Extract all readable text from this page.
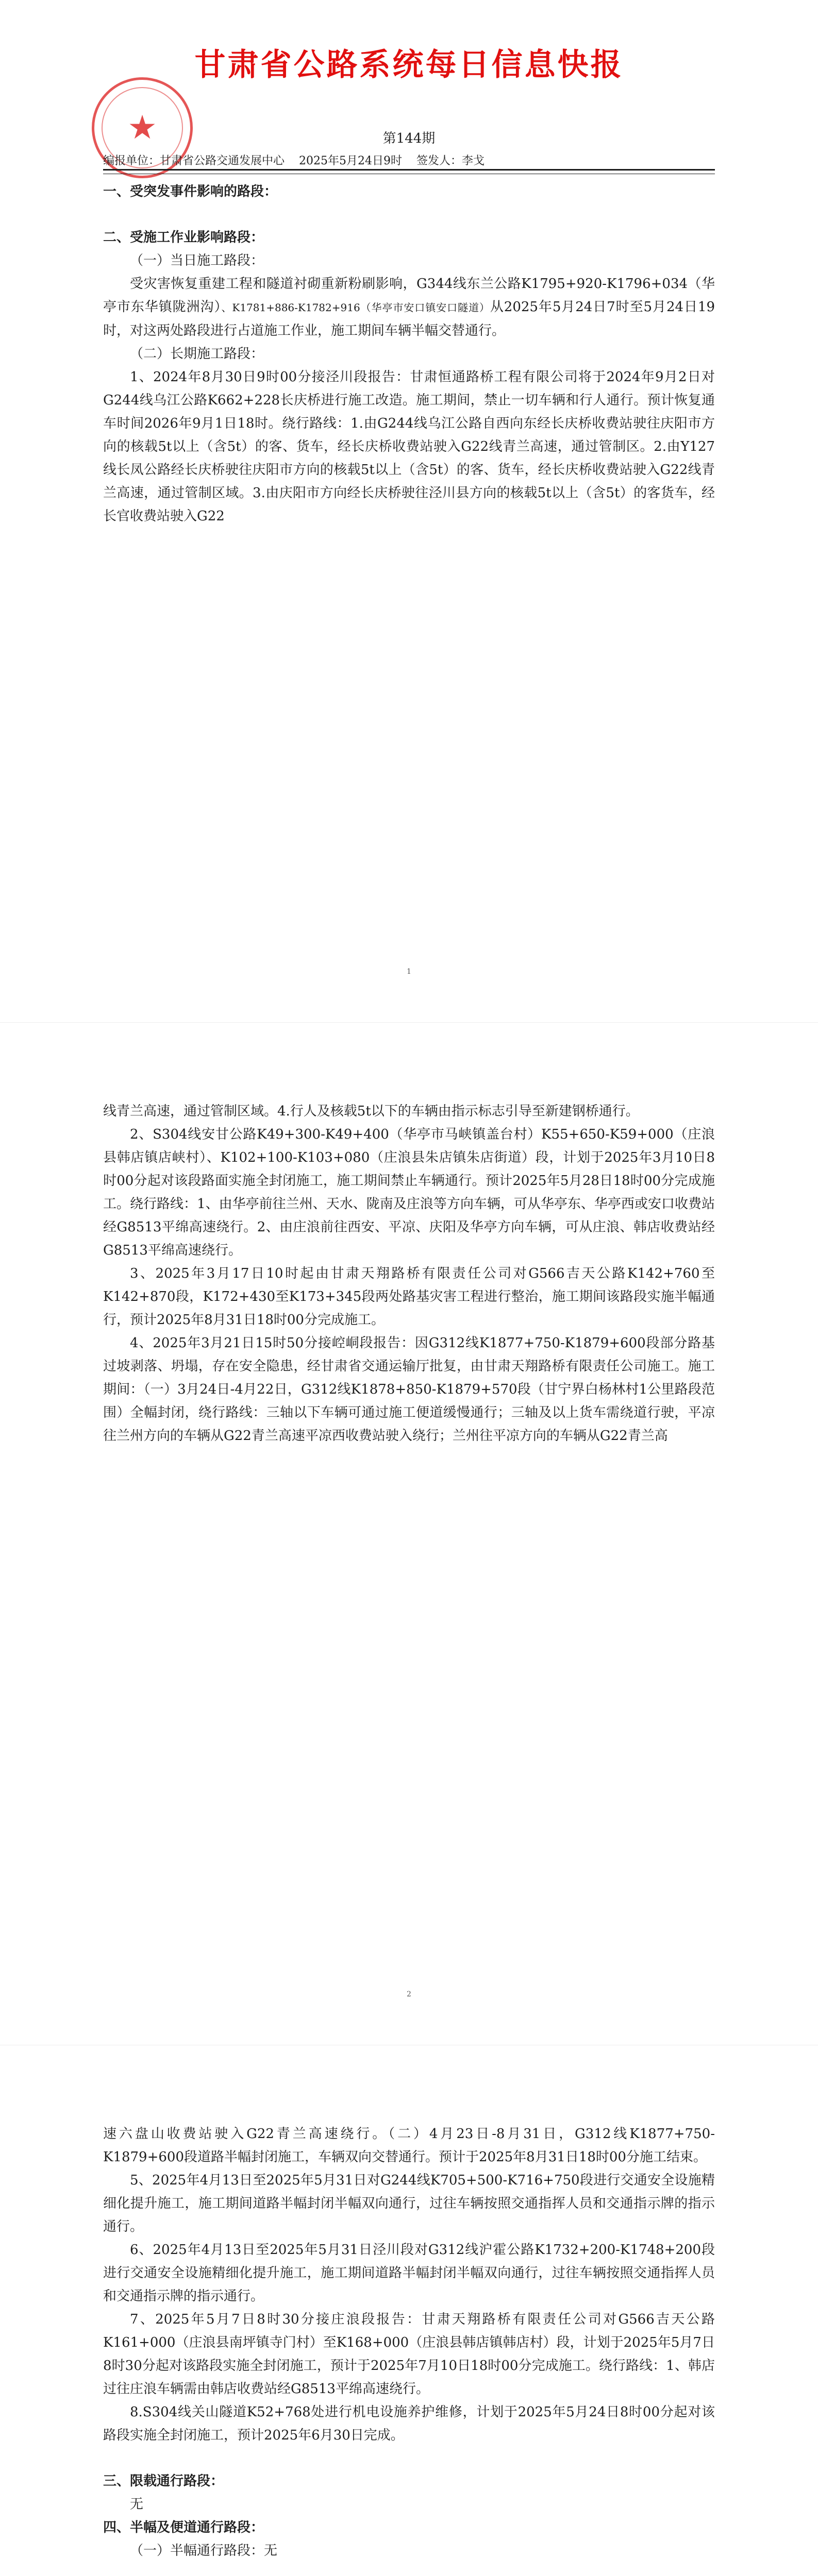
甘肃省公路系统每日信息快报
★	第144期
编报单位：甘肃省公路交通发展中心 2025年5月24日9时 签发人：李戈

一、受突发事件影响的路段：

二、受施工作业影响路段：

（一）当日施工路段：

受灾害恢复重建工程和隧道衬砌重新粉刷影响，G344线东兰公路K1795+920-K1796+034（华亭市东华镇陇洲沟）、K1781+886-K1782+916（华亭市安口镇安口隧道）从2025年5月24日7时至5月24日19时，对这两处路段进行占道施工作业，施工期间车辆半幅交替通行。

（二）长期施工路段：

1、2024年8月30日9时00分接泾川段报告：甘肃恒通路桥工程有限公司将于2024年9月2日对G244线乌江公路K662+228长庆桥进行施工改造。施工期间，禁止一切车辆和行人通行。预计恢复通车时间2026年9月1日18时。绕行路线：1.由G244线乌江公路自西向东经长庆桥收费站驶往庆阳市方向的核载5t以上（含5t）的客、货车，经长庆桥收费站驶入G22线青兰高速，通过管制区。2.由Y127线长凤公路经长庆桥驶往庆阳市方向的核载5t以上（含5t）的客、货车，经长庆桥收费站驶入G22线青兰高速，通过管制区域。3.由庆阳市方向经长庆桥驶往泾川县方向的核载5t以上（含5t）的客货车，经长官收费站驶入G22

1

线青兰高速，通过管制区域。4.行人及核载5t以下的车辆由指示标志引导至新建钢桥通行。

2、S304线安甘公路K49+300-K49+400（华亭市马峡镇盖台村）K55+650-K59+000（庄浪县韩店镇店峡村）、K102+100-K103+080（庄浪县朱店镇朱店街道）段，计划于2025年3月10日8时00分起对该段路面实施全封闭施工，施工期间禁止车辆通行。预计2025年5月28日18时00分完成施工。绕行路线：1、由华亭前往兰州、天水、陇南及庄浪等方向车辆，可从华亭东、华亭西或安口收费站经G8513平绵高速绕行。2、由庄浪前往西安、平凉、庆阳及华亭方向车辆，可从庄浪、韩店收费站经G8513平绵高速绕行。

3、2025年3月17日10时起由甘肃天翔路桥有限责任公司对G566吉天公路K142+760至K142+870段，K172+430至K173+345段两处路基灾害工程进行整治，施工期间该路段实施半幅通行，预计2025年8月31日18时00分完成施工。

4、2025年3月21日15时50分接崆峒段报告：因G312线K1877+750-K1879+600段部分路基过坡剥落、坍塌，存在安全隐患，经甘肃省交通运输厅批复，由甘肃天翔路桥有限责任公司施工。施工期间：（一）3月24日-4月22日，G312线K1878+850-K1879+570段（甘宁界白杨林村1公里路段范围）全幅封闭，绕行路线：三轴以下车辆可通过施工便道缓慢通行；三轴及以上货车需绕道行驶，平凉往兰州方向的车辆从G22青兰高速平凉西收费站驶入绕行；兰州往平凉方向的车辆从G22青兰高

2

速六盘山收费站驶入G22青兰高速绕行。（二）4月23日-8月31日，G312线K1877+750-K1879+600段道路半幅封闭施工，车辆双向交替通行。预计于2025年8月31日18时00分施工结束。

5、2025年4月13日至2025年5月31日对G244线K705+500-K716+750段进行交通安全设施精细化提升施工，施工期间道路半幅封闭半幅双向通行，过往车辆按照交通指挥人员和交通指示牌的指示通行。

6、2025年4月13日至2025年5月31日泾川段对G312线沪霍公路K1732+200-K1748+200段进行交通安全设施精细化提升施工，施工期间道路半幅封闭半幅双向通行，过往车辆按照交通指挥人员和交通指示牌的指示通行。

7、2025年5月7日8时30分接庄浪段报告：甘肃天翔路桥有限责任公司对G566吉天公路K161+000（庄浪县南坪镇寺门村）至K168+000（庄浪县韩店镇韩店村）段，计划于2025年5月7日8时30分起对该路段实施全封闭施工，预计于2025年7月10日18时00分完成施工。绕行路线：1、韩店过往庄浪车辆需由韩店收费站经G8513平绵高速绕行。

8.S304线关山隧道K52+768处进行机电设施养护维修，计划于2025年5月24日8时00分起对该路段实施全封闭施工，预计2025年6月30日完成。

三、限载通行路段：

无

四、半幅及便道通行路段：

（一）半幅通行路段：无
